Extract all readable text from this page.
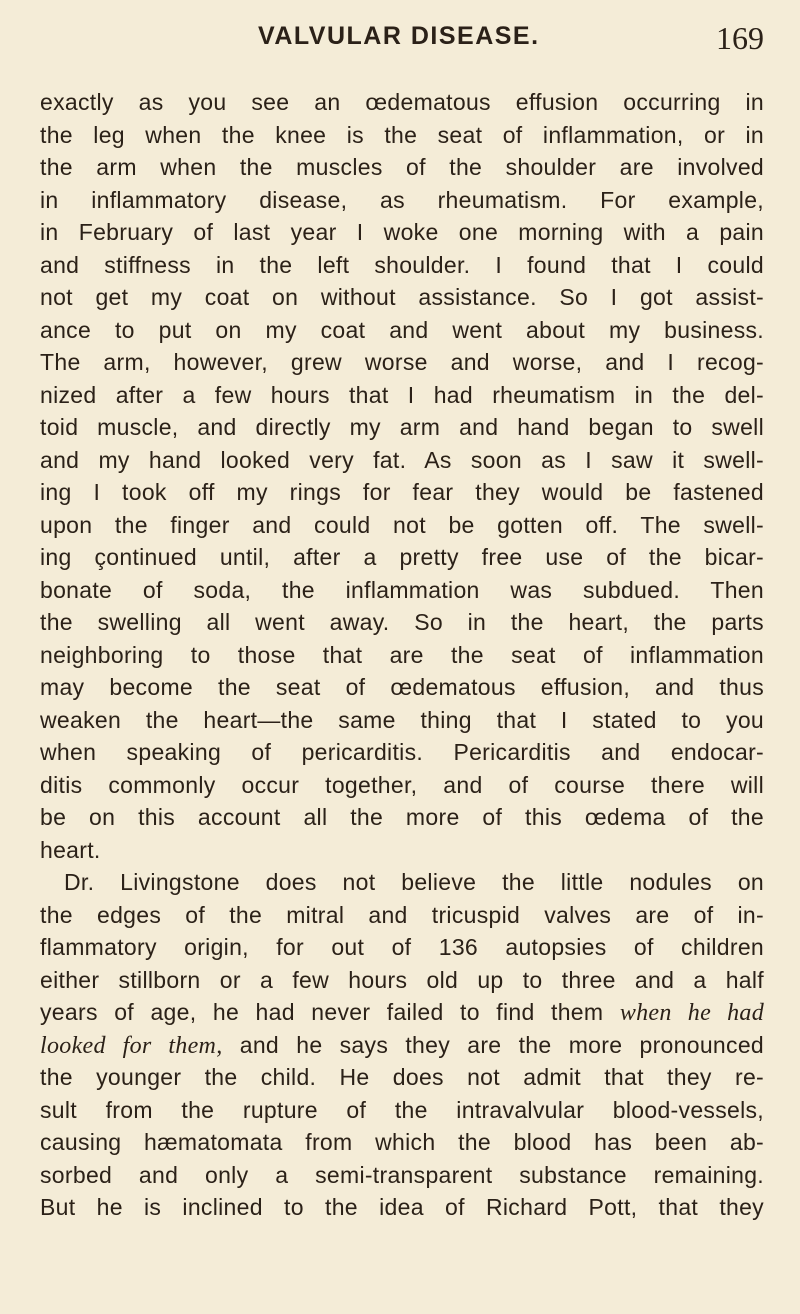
VALVULAR DISEASE.	169
exactly as you see an œdematous effusion occurring in
the leg when the knee is the seat of inflammation, or in
the arm when the muscles of the shoulder are involved
in inflammatory disease, as rheumatism. For example,
in February of last year I woke one morning with a pain
and stiffness in the left shoulder. I found that I could
not get my coat on without assistance. So I got assist-
ance to put on my coat and went about my business.
The arm, however, grew worse and worse, and I recog-
nized after a few hours that I had rheumatism in the del-
toid muscle, and directly my arm and hand began to swell
and my hand looked very fat. As soon as I saw it swell-
ing I took off my rings for fear they would be fastened
upon the finger and could not be gotten off. The swell-
ing çontinued until, after a pretty free use of the bicar-
bonate of soda, the inflammation was subdued. Then
the swelling all went away. So in the heart, the parts
neighboring to those that are the seat of inflammation
may become the seat of œdematous effusion, and thus
weaken the heart—the same thing that I stated to you
when speaking of pericarditis. Pericarditis and endocar-
ditis commonly occur together, and of course there will
be on this account all the more of this œdema of the
heart.
Dr. Livingstone does not believe the little nodules on
the edges of the mitral and tricuspid valves are of in-
flammatory origin, for out of 136 autopsies of children
either stillborn or a few hours old up to three and a half
years of age, he had never failed to find them when he had
looked for them, and he says they are the more pronounced
the younger the child. He does not admit that they re-
sult from the rupture of the intravalvular blood-vessels,
causing hæmatomata from which the blood has been ab-
sorbed and only a semi-transparent substance remaining.
But he is inclined to the idea of Richard Pott, that they
